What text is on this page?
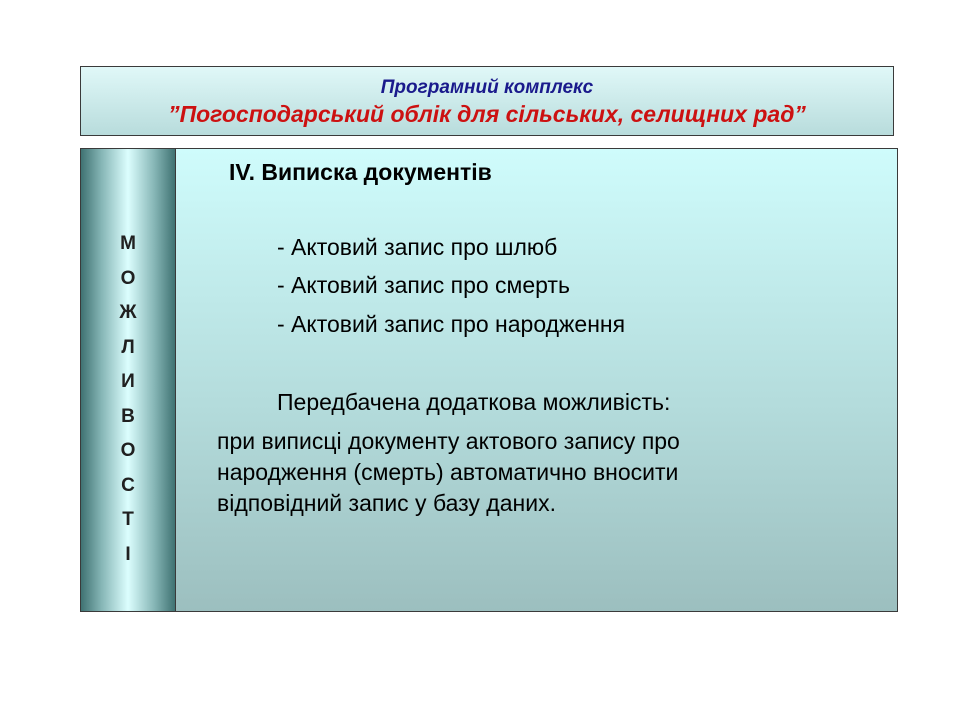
Програмний комплекс
”Погосподарський облік для сільських, селищних рад”
М
О
Ж
Л
И
В
О
С
Т
І
IV. Виписка документів
- Актовий запис про шлюб
- Актовий запис про смерть
- Актовий запис про народження
Передбачена додаткова можливість:
при виписці документу актового запису про
народження (смерть) автоматично вносити
відповідний запис у базу даних.
